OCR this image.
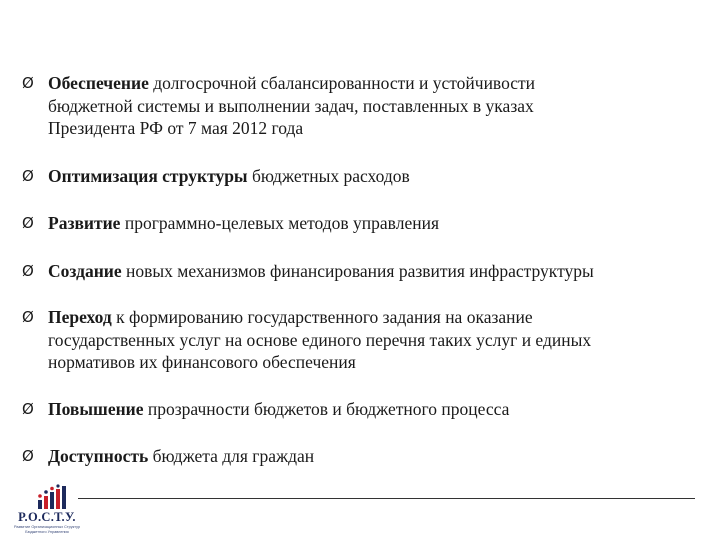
Ø Обеспечение долгосрочной сбалансированности и устойчивости
бюджетной системы и выполнении задач, поставленных в указах
Президента РФ от 7 мая 2012 года
Ø Оптимизация структуры бюджетных расходов
Ø Развитие программно-целевых методов управления
Ø Создание новых механизмов финансирования развития инфраструктуры
Ø Переход к формированию государственного задания на оказание
государственных услуг на основе единого перечня таких услуг и единых
нормативов их финансового обеспечения
Ø Повышение прозрачности бюджетов и бюджетного процесса
Ø Доступность бюджета для граждан
Р.О.С.Т.У.
Развитие Организационных Структур Бюджетного Управления
